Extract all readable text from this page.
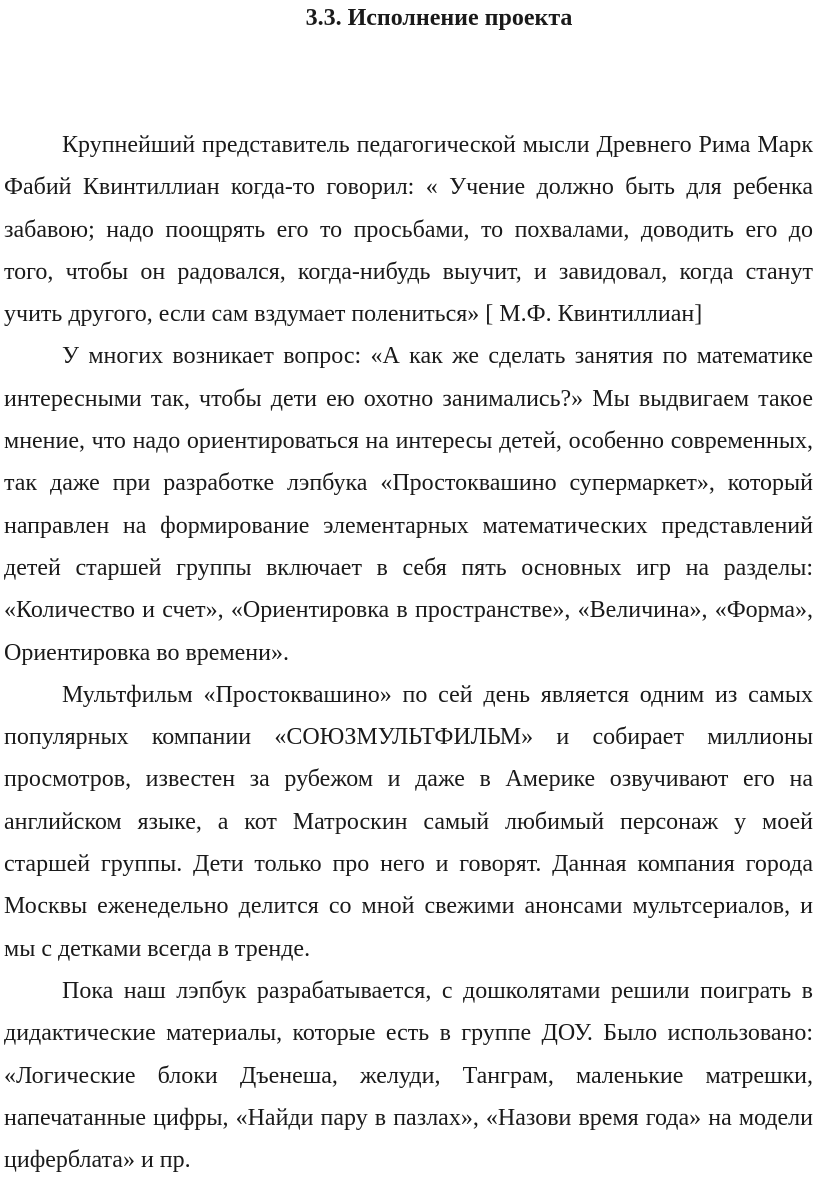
3.3. Исполнение проекта

Крупнейший представитель педагогической мысли Древнего Рима Марк Фабий Квинтиллиан когда-то говорил: « Учение должно быть для ребенка забавою; надо поощрять его то просьбами, то похвалами, доводить его до того, чтобы он радовался, когда-нибудь выучит, и завидовал, когда станут учить другого, если сам вздумает полениться» [ М.Ф. Квинтиллиан]

У многих возникает вопрос: «А как же сделать занятия по математике интересными так, чтобы дети ею охотно занимались?» Мы выдвигаем такое мнение, что надо ориентироваться на интересы детей, особенно современных, так даже при разработке лэпбука «Простоквашино супермаркет», который направлен на формирование элементарных математических представлений детей старшей группы включает в себя пять основных игр на разделы: «Количество и счет», «Ориентировка в пространстве», «Величина», «Форма», Ориентировка во времени».

Мультфильм «Простоквашино» по сей день является одним из самых популярных компании «СОЮЗМУЛЬТФИЛЬМ» и собирает миллионы просмотров, известен за рубежом и даже в Америке озвучивают его на английском языке, а кот Матроскин самый любимый персонаж у моей старшей группы. Дети только про него и говорят. Данная компания города Москвы еженедельно делится со мной свежими анонсами мультсериалов, и мы с детками всегда в тренде.

Пока наш лэпбук разрабатывается, с дошколятами решили поиграть в дидактические материалы, которые есть в группе ДОУ. Было использовано: «Логические блоки Дъенеша, желуди, Танграм, маленькие матрешки, напечатанные цифры, «Найди пару в пазлах», «Назови время года» на модели циферблата» и пр.
